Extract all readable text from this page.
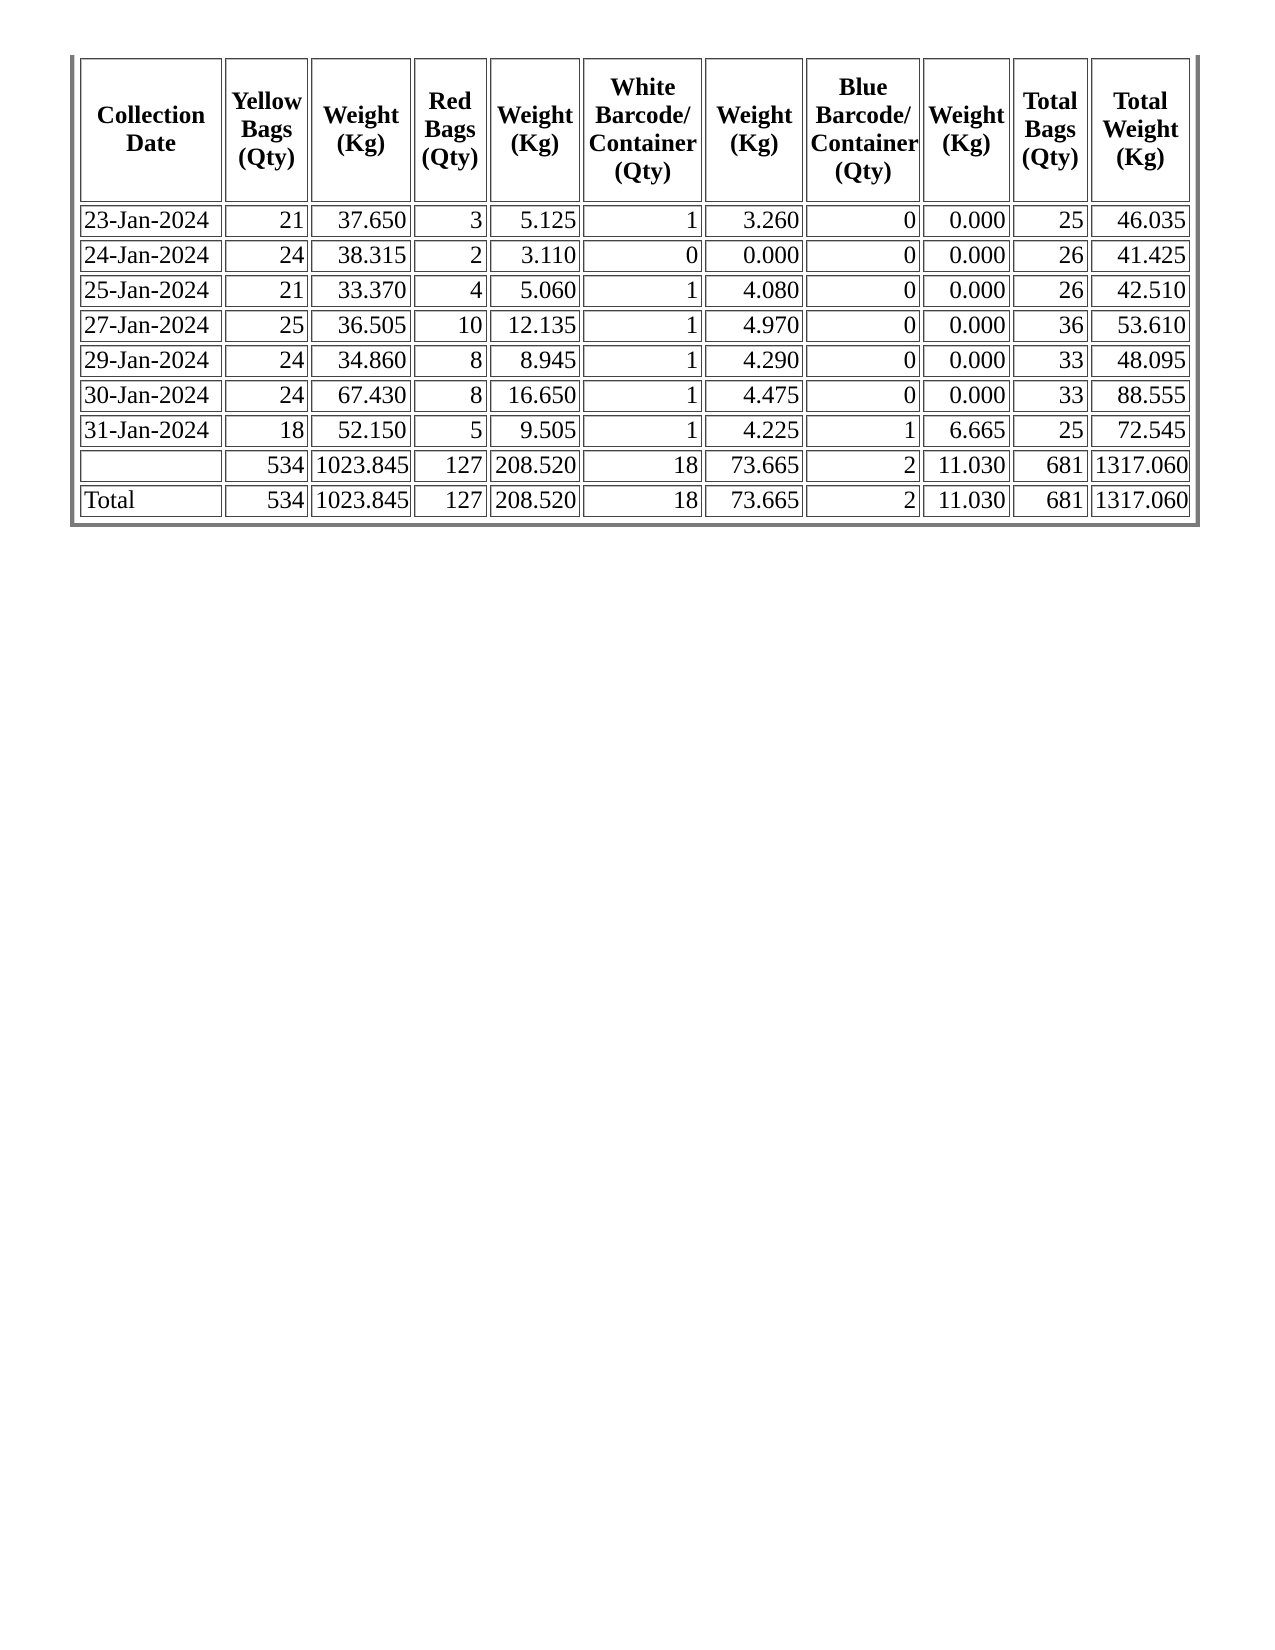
Collection Date	Yellow Bags (Qty)	Weight (Kg)	Red Bags (Qty)	Weight (Kg)	White Barcode/ Container (Qty)	Weight (Kg)	Blue Barcode/ Container (Qty)	Weight (Kg)	Total Bags (Qty)	Total Weight (Kg)
23-Jan-2024	21	37.650	3	5.125	1	3.260	0	0.000	25	46.035
24-Jan-2024	24	38.315	2	3.110	0	0.000	0	0.000	26	41.425
25-Jan-2024	21	33.370	4	5.060	1	4.080	0	0.000	26	42.510
27-Jan-2024	25	36.505	10	12.135	1	4.970	0	0.000	36	53.610
29-Jan-2024	24	34.860	8	8.945	1	4.290	0	0.000	33	48.095
30-Jan-2024	24	67.430	8	16.650	1	4.475	0	0.000	33	88.555
31-Jan-2024	18	52.150	5	9.505	1	4.225	1	6.665	25	72.545
	534	1023.845	127	208.520	18	73.665	2	11.030	681	1317.060
Total	534	1023.845	127	208.520	18	73.665	2	11.030	681	1317.060
